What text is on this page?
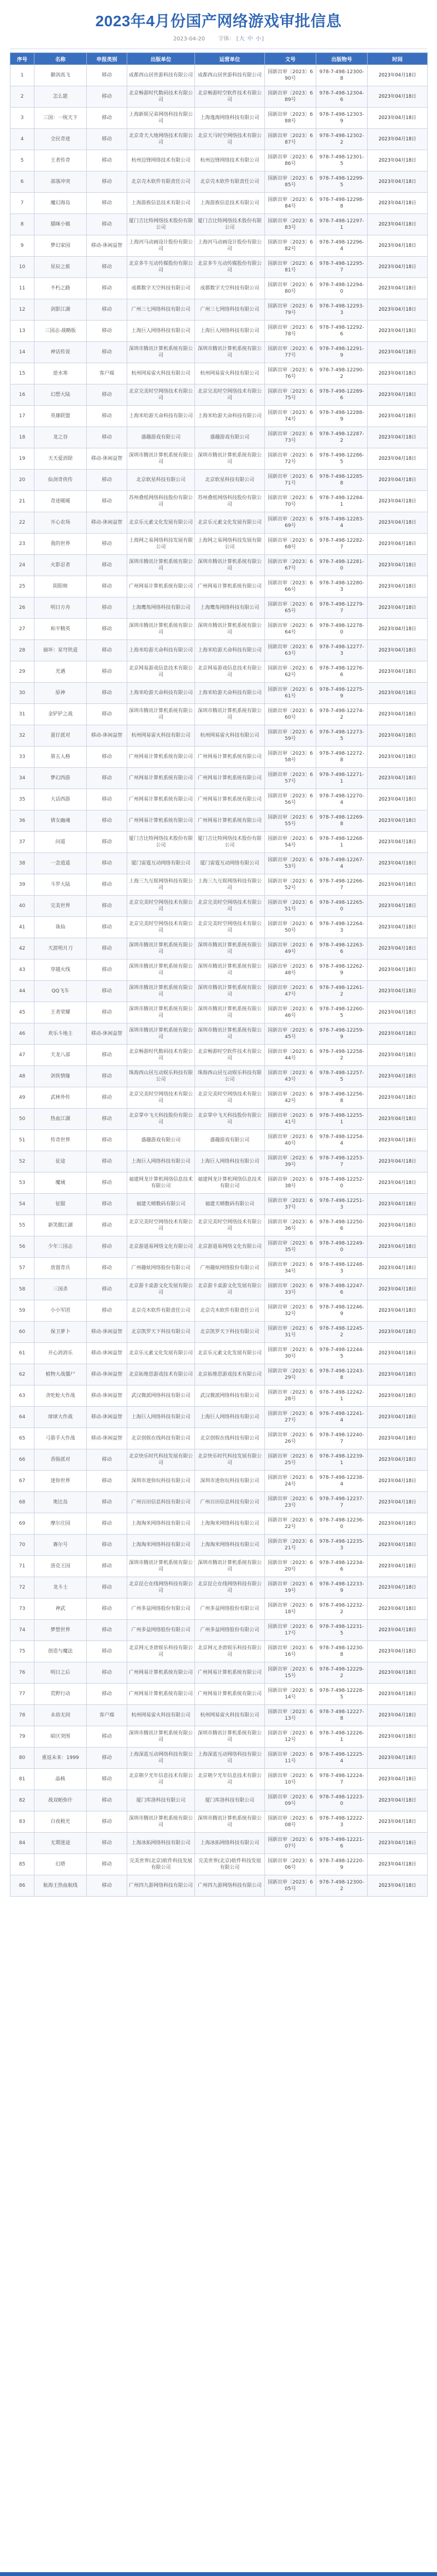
2023年4月份国产网络游戏审批信息
2023-04-20 字体： [大 中 小]
序号	名称	申报类别	出版单位	运营单位	文号	出版物号	时间
1	御剑高飞	移动	成都西山居世游科技有限公司	成都西山居世游科技有限公司	国新出审〔2023〕690号	978-7-498-12300-8	2023年04月18日
2	怎么能	移动	北京畅游时代数码技术有限公司	北京畅游时空软件技术有限公司	国新出审〔2023〕689号	978-7-498-12304-6	2023年04月18日
3	三国：一统天下	移动	上海新娱兄弟网络科技有限公司	上海逸海网络科技有限公司	国新出审〔2023〕688号	978-7-498-12303-9	2023年04月18日
4	全民奇迹	移动	北京奇天大地网络技术有限公司	北京天马时空网络技术有限公司	国新出审〔2023〕687号	978-7-498-12302-2	2023年04月18日
5	王者传奇	移动	杭州边锋网络技术有限公司	杭州边锋网络技术有限公司	国新出审〔2023〕686号	978-7-498-12301-5	2023年04月18日
6	部落冲突	移动	北京壳木软件有限责任公司	北京壳木软件有限责任公司	国新出审〔2023〕685号	978-7-498-12299-5	2023年04月18日
7	魔幻海岛	移动	上海游族信息技术有限公司	上海游族信息技术有限公司	国新出审〔2023〕684号	978-7-498-12298-8	2023年04月18日
8	猫咪小镇	移动	厦门吉比特网络技术股份有限公司	厦门吉比特网络技术股份有限公司	国新出审〔2023〕683号	978-7-498-12297-1	2023年04月18日
9	梦幻家园	移动-休闲益智	上海河马动画设计股份有限公司	上海河马动画设计股份有限公司	国新出审〔2023〕682号	978-7-498-12296-4	2023年04月18日
10	星辰之旅	移动	北京多牛互动传媒股份有限公司	北京多牛互动传媒股份有限公司	国新出审〔2023〕681号	978-7-498-12295-7	2023年04月18日
11	不朽之路	移动	成都数字天空科技有限公司	成都数字天空科技有限公司	国新出审〔2023〕680号	978-7-498-12294-0	2023年04月18日
12	剑影江湖	移动	广州三七网络科技有限公司	广州三七网络科技有限公司	国新出审〔2023〕679号	978-7-498-12293-3	2023年04月18日
13	三国志·战略版	移动	上海巨人网络科技有限公司	上海巨人网络科技有限公司	国新出审〔2023〕678号	978-7-498-12292-6	2023年04月18日
14	神话传说	移动	深圳市腾讯计算机系统有限公司	深圳市腾讯计算机系统有限公司	国新出审〔2023〕677号	978-7-498-12291-9	2023年04月18日
15	逆水寒	客户端	杭州网易雷火科技有限公司	杭州网易雷火科技有限公司	国新出审〔2023〕676号	978-7-498-12290-2	2023年04月18日
16	幻想大陆	移动	北京完美时空网络技术有限公司	北京完美时空网络技术有限公司	国新出审〔2023〕675号	978-7-498-12289-6	2023年04月18日
17	英雄联盟	移动	上海米哈游天命科技有限公司	上海米哈游天命科技有限公司	国新出审〔2023〕674号	978-7-498-12288-9	2023年04月18日
18	龙之谷	移动	盛趣游戏有限公司	盛趣游戏有限公司	国新出审〔2023〕673号	978-7-498-12287-2	2023年04月18日
19	天天爱消除	移动-休闲益智	深圳市腾讯计算机系统有限公司	深圳市腾讯计算机系统有限公司	国新出审〔2023〕672号	978-7-498-12286-5	2023年04月18日
20	仙剑奇侠传	移动	北京软星科技有限公司	北京软星科技有限公司	国新出审〔2023〕671号	978-7-498-12285-8	2023年04月18日
21	奇迹暖暖	移动	苏州叠纸网络科技股份有限公司	苏州叠纸网络科技股份有限公司	国新出审〔2023〕670号	978-7-498-12284-1	2023年04月18日
22	开心农场	移动-休闲益智	北京乐元素文化发展有限公司	北京乐元素文化发展有限公司	国新出审〔2023〕669号	978-7-498-12283-4	2023年04月18日
23	我的世界	移动	上海网之易网络科技发展有限公司	上海网之易网络科技发展有限公司	国新出审〔2023〕668号	978-7-498-12282-7	2023年04月18日
24	火影忍者	移动	深圳市腾讯计算机系统有限公司	深圳市腾讯计算机系统有限公司	国新出审〔2023〕667号	978-7-498-12281-0	2023年04月18日
25	阴阳师	移动	广州网易计算机系统有限公司	广州网易计算机系统有限公司	国新出审〔2023〕666号	978-7-498-12280-3	2023年04月18日
26	明日方舟	移动	上海鹰角网络科技有限公司	上海鹰角网络科技有限公司	国新出审〔2023〕665号	978-7-498-12279-7	2023年04月18日
27	和平精英	移动	深圳市腾讯计算机系统有限公司	深圳市腾讯计算机系统有限公司	国新出审〔2023〕664号	978-7-498-12278-0	2023年04月18日
28	崩坏：星穹铁道	移动	上海米哈游天命科技有限公司	上海米哈游天命科技有限公司	国新出审〔2023〕663号	978-7-498-12277-3	2023年04月18日
29	光遇	移动	北京网易游戏信息技术有限公司	北京网易游戏信息技术有限公司	国新出审〔2023〕662号	978-7-498-12276-6	2023年04月18日
30	原神	移动	上海米哈游天命科技有限公司	上海米哈游天命科技有限公司	国新出审〔2023〕661号	978-7-498-12275-9	2023年04月18日
31	金铲铲之战	移动	深圳市腾讯计算机系统有限公司	深圳市腾讯计算机系统有限公司	国新出审〔2023〕660号	978-7-498-12274-2	2023年04月18日
32	蛋仔派对	移动-休闲益智	杭州网易雷火科技有限公司	杭州网易雷火科技有限公司	国新出审〔2023〕659号	978-7-498-12273-5	2023年04月18日
33	第五人格	移动	广州网易计算机系统有限公司	广州网易计算机系统有限公司	国新出审〔2023〕658号	978-7-498-12272-8	2023年04月18日
34	梦幻西游	移动	广州网易计算机系统有限公司	广州网易计算机系统有限公司	国新出审〔2023〕657号	978-7-498-12271-1	2023年04月18日
35	大话西游	移动	广州网易计算机系统有限公司	广州网易计算机系统有限公司	国新出审〔2023〕656号	978-7-498-12270-4	2023年04月18日
36	倩女幽魂	移动	广州网易计算机系统有限公司	广州网易计算机系统有限公司	国新出审〔2023〕655号	978-7-498-12269-8	2023年04月18日
37	问道	移动	厦门吉比特网络技术股份有限公司	厦门吉比特网络技术股份有限公司	国新出审〔2023〕654号	978-7-498-12268-1	2023年04月18日
38	一念逍遥	移动	厦门雷霆互动网络有限公司	厦门雷霆互动网络有限公司	国新出审〔2023〕653号	978-7-498-12267-4	2023年04月18日
39	斗罗大陆	移动	上海三九互娱网络科技有限公司	上海三九互娱网络科技有限公司	国新出审〔2023〕652号	978-7-498-12266-7	2023年04月18日
40	完美世界	移动	北京完美时空网络技术有限公司	北京完美时空网络技术有限公司	国新出审〔2023〕651号	978-7-498-12265-0	2023年04月18日
41	诛仙	移动	北京完美时空网络技术有限公司	北京完美时空网络技术有限公司	国新出审〔2023〕650号	978-7-498-12264-3	2023年04月18日
42	天涯明月刀	移动	深圳市腾讯计算机系统有限公司	深圳市腾讯计算机系统有限公司	国新出审〔2023〕649号	978-7-498-12263-6	2023年04月18日
43	穿越火线	移动	深圳市腾讯计算机系统有限公司	深圳市腾讯计算机系统有限公司	国新出审〔2023〕648号	978-7-498-12262-9	2023年04月18日
44	QQ飞车	移动	深圳市腾讯计算机系统有限公司	深圳市腾讯计算机系统有限公司	国新出审〔2023〕647号	978-7-498-12261-2	2023年04月18日
45	王者荣耀	移动	深圳市腾讯计算机系统有限公司	深圳市腾讯计算机系统有限公司	国新出审〔2023〕646号	978-7-498-12260-5	2023年04月18日
46	欢乐斗地主	移动-休闲益智	深圳市腾讯计算机系统有限公司	深圳市腾讯计算机系统有限公司	国新出审〔2023〕645号	978-7-498-12259-9	2023年04月18日
47	天龙八部	移动	北京畅游时代数码技术有限公司	北京畅游时空软件技术有限公司	国新出审〔2023〕644号	978-7-498-12258-2	2023年04月18日
48	剑侠情缘	移动	珠海西山居互动娱乐科技有限公司	珠海西山居互动娱乐科技有限公司	国新出审〔2023〕643号	978-7-498-12257-5	2023年04月18日
49	武林外传	移动	北京完美时空网络技术有限公司	北京完美时空网络技术有限公司	国新出审〔2023〕642号	978-7-498-12256-8	2023年04月18日
50	热血江湖	移动	北京掌中飞天科技股份有限公司	北京掌中飞天科技股份有限公司	国新出审〔2023〕641号	978-7-498-12255-1	2023年04月18日
51	传奇世界	移动	盛趣游戏有限公司	盛趣游戏有限公司	国新出审〔2023〕640号	978-7-498-12254-4	2023年04月18日
52	征途	移动	上海巨人网络科技有限公司	上海巨人网络科技有限公司	国新出审〔2023〕639号	978-7-498-12253-7	2023年04月18日
53	魔域	移动	福建网龙计算机网络信息技术有限公司	福建网龙计算机网络信息技术有限公司	国新出审〔2023〕638号	978-7-498-12252-0	2023年04月18日
54	征服	移动	福建天晴数码有限公司	福建天晴数码有限公司	国新出审〔2023〕637号	978-7-498-12251-3	2023年04月18日
55	新笑傲江湖	移动	北京完美时空网络技术有限公司	北京完美时空网络技术有限公司	国新出审〔2023〕636号	978-7-498-12250-6	2023年04月18日
56	少年三国志	移动	北京游道易网络文化有限公司	北京游道易网络文化有限公司	国新出审〔2023〕635号	978-7-498-12249-0	2023年04月18日
57	放置奇兵	移动	广州趣炫网络股份有限公司	广州趣炫网络股份有限公司	国新出审〔2023〕634号	978-7-498-12248-3	2023年04月18日
58	三国杀	移动	北京游卡桌游文化发展有限公司	北京游卡桌游文化发展有限公司	国新出审〔2023〕633号	978-7-498-12247-6	2023年04月18日
59	小小军团	移动	北京壳木软件有限责任公司	北京壳木软件有限责任公司	国新出审〔2023〕632号	978-7-498-12246-9	2023年04月18日
60	保卫萝卜	移动-休闲益智	北京凯罗天下科技有限公司	北京凯罗天下科技有限公司	国新出审〔2023〕631号	978-7-498-12245-2	2023年04月18日
61	开心消消乐	移动-休闲益智	北京乐元素文化发展有限公司	北京乐元素文化发展有限公司	国新出审〔2023〕630号	978-7-498-12244-5	2023年04月18日
62	植物大战僵尸	移动-休闲益智	北京拓维思游戏技术有限公司	北京拓维思游戏技术有限公司	国新出审〔2023〕629号	978-7-498-12243-8	2023年04月18日
63	贪吃蛇大作战	移动-休闲益智	武汉微派网络科技有限公司	武汉微派网络科技有限公司	国新出审〔2023〕628号	978-7-498-12242-1	2023年04月18日
64	球球大作战	移动-休闲益智	上海巨人网络科技有限公司	上海巨人网络科技有限公司	国新出审〔2023〕627号	978-7-498-12241-4	2023年04月18日
65	弓箭手大作战	移动-休闲益智	北京创娱在线科技有限公司	北京创娱在线科技有限公司	国新出审〔2023〕626号	978-7-498-12240-7	2023年04月18日
66	香肠派对	移动	北京快乐时代科技发展有限公司	北京快乐时代科技发展有限公司	国新出审〔2023〕625号	978-7-498-12239-1	2023年04月18日
67	迷你世界	移动	深圳市迷你玩科技有限公司	深圳市迷你玩科技有限公司	国新出审〔2023〕624号	978-7-498-12238-4	2023年04月18日
68	奥比岛	移动	广州百田信息科技有限公司	广州百田信息科技有限公司	国新出审〔2023〕623号	978-7-498-12237-7	2023年04月18日
69	摩尔庄园	移动	上海淘米网络科技有限公司	上海淘米网络科技有限公司	国新出审〔2023〕622号	978-7-498-12236-0	2023年04月18日
70	赛尔号	移动	上海淘米网络科技有限公司	上海淘米网络科技有限公司	国新出审〔2023〕621号	978-7-498-12235-3	2023年04月18日
71	洛克王国	移动	深圳市腾讯计算机系统有限公司	深圳市腾讯计算机系统有限公司	国新出审〔2023〕620号	978-7-498-12234-6	2023年04月18日
72	龙斗士	移动	北京昆仑在线网络科技有限公司	北京昆仑在线网络科技有限公司	国新出审〔2023〕619号	978-7-498-12233-9	2023年04月18日
73	神武	移动	广州多益网络股份有限公司	广州多益网络股份有限公司	国新出审〔2023〕618号	978-7-498-12232-2	2023年04月18日
74	梦想世界	移动	广州多益网络股份有限公司	广州多益网络股份有限公司	国新出审〔2023〕617号	978-7-498-12231-5	2023年04月18日
75	创造与魔法	移动	北京网元圣唐娱乐科技有限公司	北京网元圣唐娱乐科技有限公司	国新出审〔2023〕616号	978-7-498-12230-8	2023年04月18日
76	明日之后	移动	广州网易计算机系统有限公司	广州网易计算机系统有限公司	国新出审〔2023〕615号	978-7-498-12229-2	2023年04月18日
77	荒野行动	移动	广州网易计算机系统有限公司	广州网易计算机系统有限公司	国新出审〔2023〕614号	978-7-498-12228-5	2023年04月18日
78	永劫无间	客户端	杭州网易雷火科技有限公司	杭州网易雷火科技有限公司	国新出审〔2023〕613号	978-7-498-12227-8	2023年04月18日
79	暗区突围	移动	深圳市腾讯计算机系统有限公司	深圳市腾讯计算机系统有限公司	国新出审〔2023〕612号	978-7-498-12226-1	2023年04月18日
80	重返未来：1999	移动	上海深蓝互动网络科技有限公司	上海深蓝互动网络科技有限公司	国新出审〔2023〕611号	978-7-498-12225-4	2023年04月18日
81	晶核	移动	北京朝夕光年信息技术有限公司	北京朝夕光年信息技术有限公司	国新出审〔2023〕610号	978-7-498-12224-7	2023年04月18日
82	战双帕弥什	移动	厦门库洛科技有限公司	厦门库洛科技有限公司	国新出审〔2023〕609号	978-7-498-12223-0	2023年04月18日
83	白夜极光	移动	深圳市腾讯计算机系统有限公司	深圳市腾讯计算机系统有限公司	国新出审〔2023〕608号	978-7-498-12222-3	2023年04月18日
84	无期迷途	移动	上海冰拓网络科技有限公司	上海冰拓网络科技有限公司	国新出审〔2023〕607号	978-7-498-12221-6	2023年04月18日
85	幻塔	移动	完美世界(北京)软件科技发展有限公司	完美世界(北京)软件科技发展有限公司	国新出审〔2023〕606号	978-7-498-12220-9	2023年04月18日
86	航海王热血航线	移动	广州四九游网络科技有限公司	广州四九游网络科技有限公司	国新出审〔2023〕605号	978-7-498-12300-2	2023年04月18日
